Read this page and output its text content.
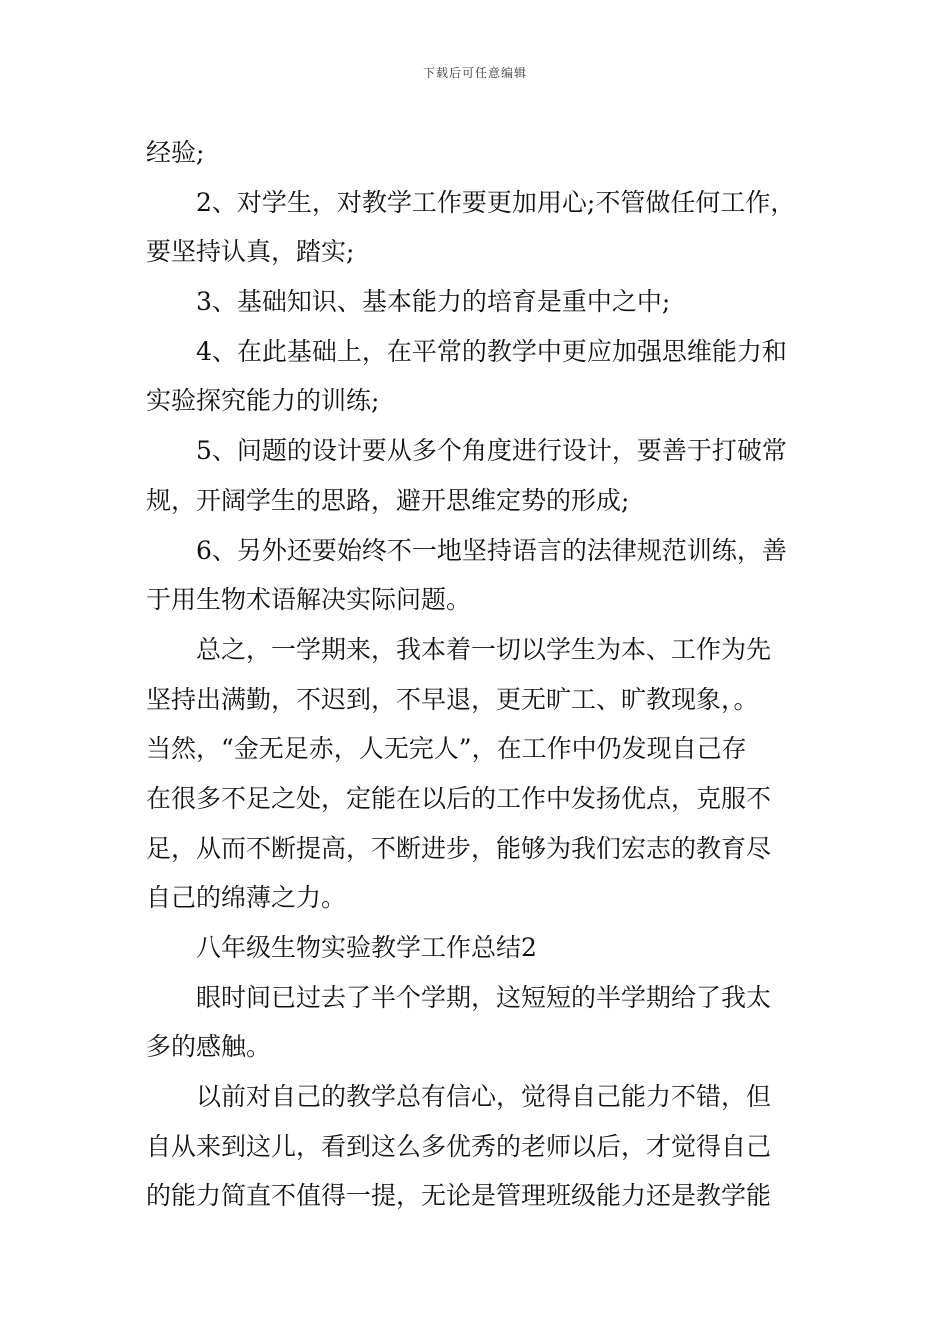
下载后可任意编辑
经验;
2、对学生，对教学工作要更加用心;不管做任何工作，
要坚持认真，踏实;
3、基础知识、基本能力的培育是重中之中;
4、在此基础上，在平常的教学中更应加强思维能力和
实验探究能力的训练;
5、问题的设计要从多个角度进行设计，要善于打破常
规，开阔学生的思路，避开思维定势的形成;
6、另外还要始终不一地坚持语言的法律规范训练，善
于用生物术语解决实际问题。
总之，一学期来，我本着一切以学生为本、工作为先
坚持出满勤，不迟到，不早退，更无旷工、旷教现象，。
当然，“金无足赤，人无完人”，在工作中仍发现自己存
在很多不足之处，定能在以后的工作中发扬优点，克服不
足，从而不断提高，不断进步，能够为我们宏志的教育尽
自己的绵薄之力。
八年级生物实验教学工作总结2
眼时间已过去了半个学期，这短短的半学期给了我太
多的感触。
以前对自己的教学总有信心，觉得自己能力不错，但
自从来到这儿，看到这么多优秀的老师以后，才觉得自己
的能力简直不值得一提，无论是管理班级能力还是教学能
